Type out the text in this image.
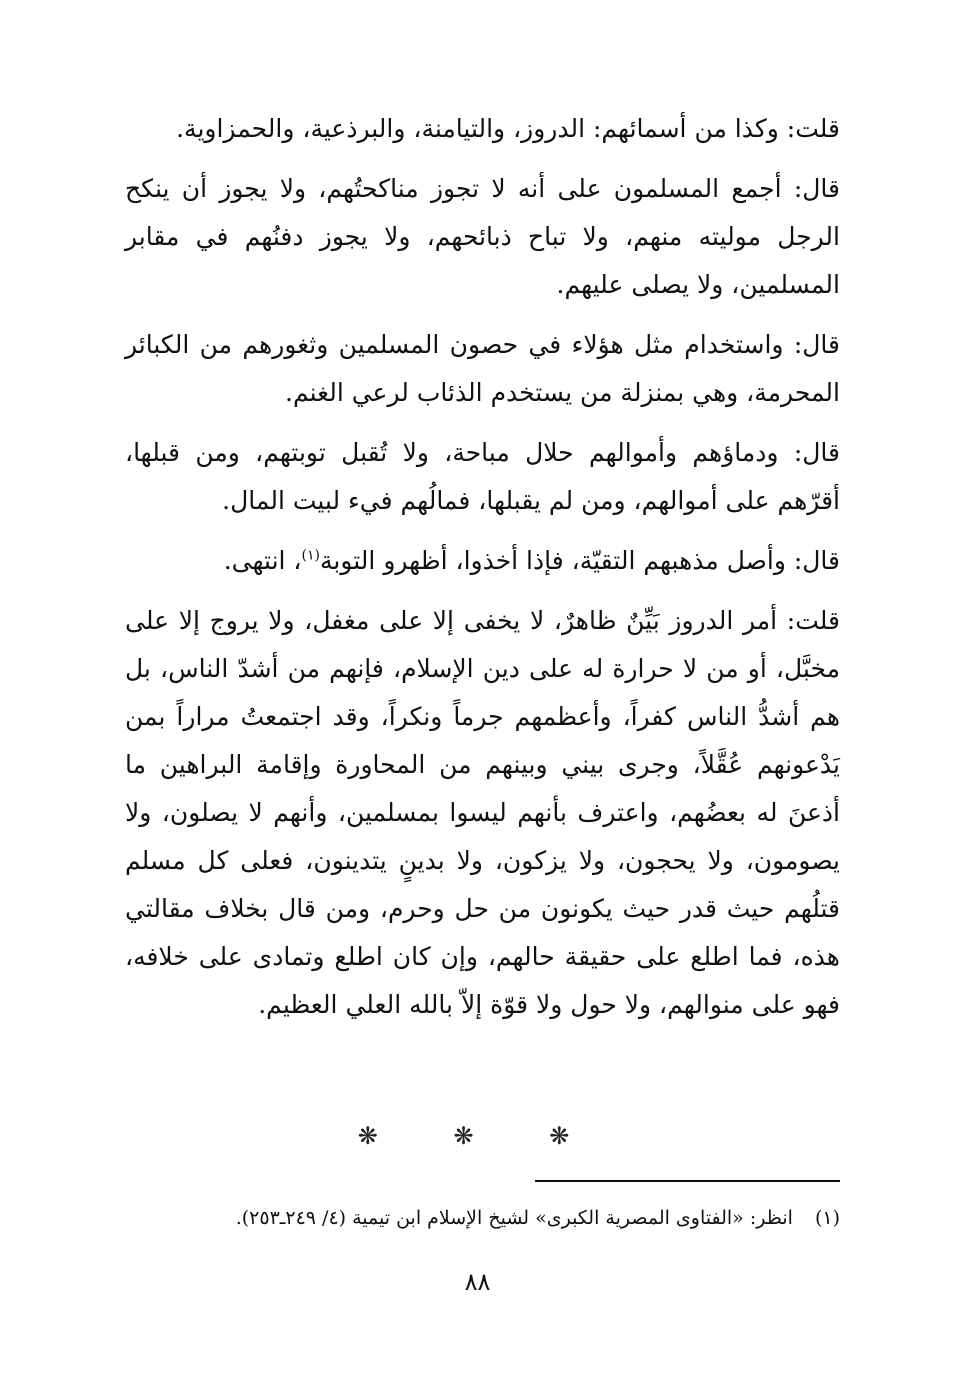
قلت: وكذا من أسمائهم: الدروز، والتيامنة، والبرذعية، والحمزاوية.

قال: أجمع المسلمون على أنه لا تجوز مناكحتُهم، ولا يجوز أن ينكح الرجل موليته منهم، ولا تباح ذبائحهم، ولا يجوز دفنُهم في مقابر المسلمين، ولا يصلى عليهم.

قال: واستخدام مثل هؤلاء في حصون المسلمين وثغورهم من الكبائر المحرمة، وهي بمنزلة من يستخدم الذئاب لرعي الغنم.

قال: ودماؤهم وأموالهم حلال مباحة، ولا تُقبل توبتهم، ومن قبلها، أقرّهم على أموالهم، ومن لم يقبلها، فمالُهم فيء لبيت المال.

قال: وأصل مذهبهم التقيّة، فإذا أخذوا، أظهرو التوبة$^{(١)}$، انتهى.

قلت: أمر الدروز بَيِّنٌ ظاهرٌ، لا يخفى إلا على مغفل، ولا يروج إلا على مخبَّل، أو من لا حرارة له على دين الإسلام، فإنهم من أشدّ الناس، بل هم أشدُّ الناس كفراً، وأعظمهم جرماً ونكراً، وقد اجتمعتُ مراراً بمن يَدْعونهم عُقَّلاً، وجرى بيني وبينهم من المحاورة وإقامة البراهين ما أذعنَ له بعضُهم، واعترف بأنهم ليسوا بمسلمين، وأنهم لا يصلون، ولا يصومون، ولا يحجون، ولا يزكون، ولا بدينٍ يتدينون، فعلى كل مسلم قتلُهم حيث قدر حيث يكونون من حل وحرم، ومن قال بخلاف مقالتي هذه، فما اطلع على حقيقة حالهم، وإن كان اطلع وتمادى على خلافه، فهو على منوالهم، ولا حول ولا قوّة إلاّ بالله العلي العظيم.

❋ ❋ ❋
(١) انظر: «الفتاوى المصرية الكبرى» لشيخ الإسلام ابن تيمية (٤/ ٢٤٩ـ٢٥٣).
٨٨
